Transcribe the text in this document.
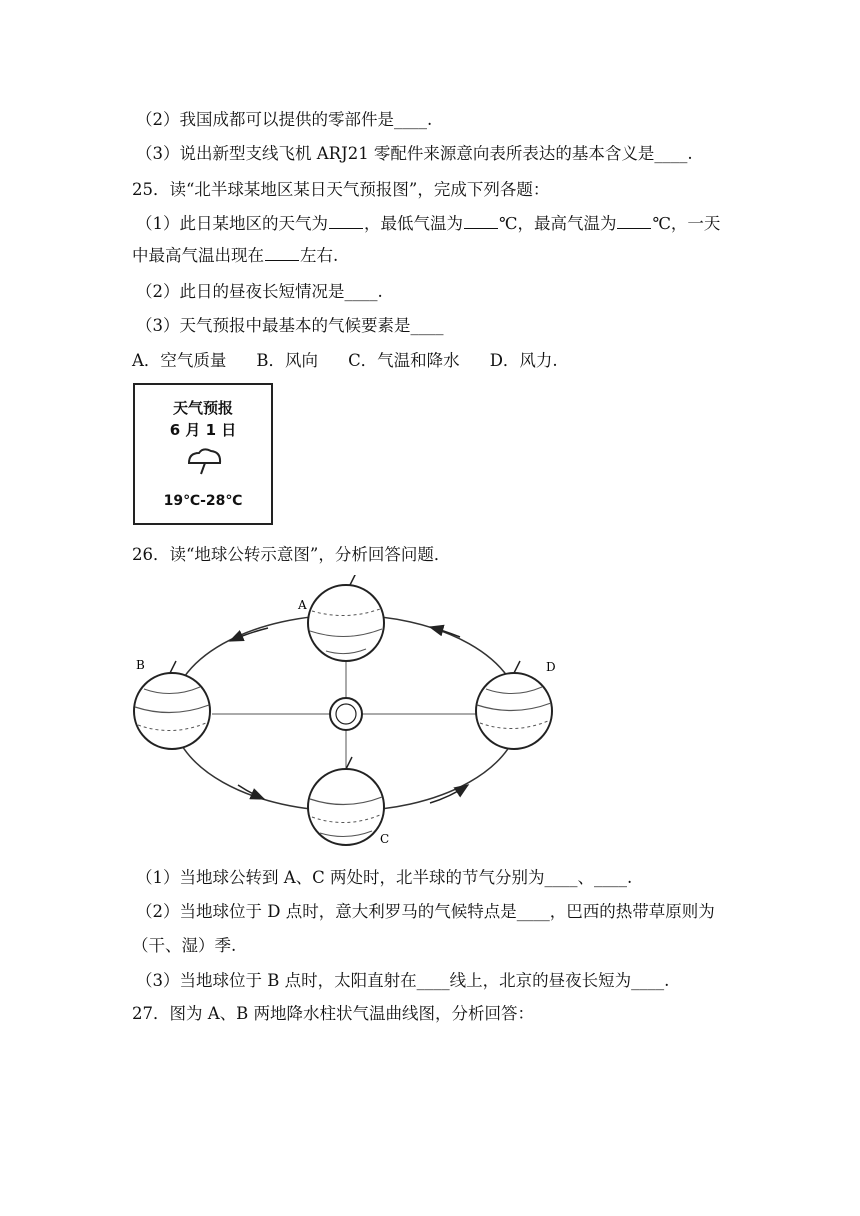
（2）我国成都可以提供的零部件是____.
（3）说出新型支线飞机 ARJ21 零配件来源意向表所表达的基本含义是____.
25．读“北半球某地区某日天气预报图”，完成下列各题：
（1）此日某地区的天气为 ，最低气温为 ℃，最高气温为 ℃，一天
中最高气温出现在 左右.
（2）此日的昼夜长短情况是____.
（3）天气预报中最基本的气候要素是____
A．空气质量 B．风向 C．气温和降水 D．风力.
天气预报
6 月 1 日
19℃-28℃
26．读“地球公转示意图”，分析回答问题．
A
B
C
D
（1）当地球公转到 A、C 两处时，北半球的节气分别为____、____.
（2）当地球位于 D 点时，意大利罗马的气候特点是____，巴西的热带草原则为
（干、湿）季.
（3）当地球位于 B 点时，太阳直射在____线上，北京的昼夜长短为____.
27．图为 A、B 两地降水柱状气温曲线图，分析回答：
